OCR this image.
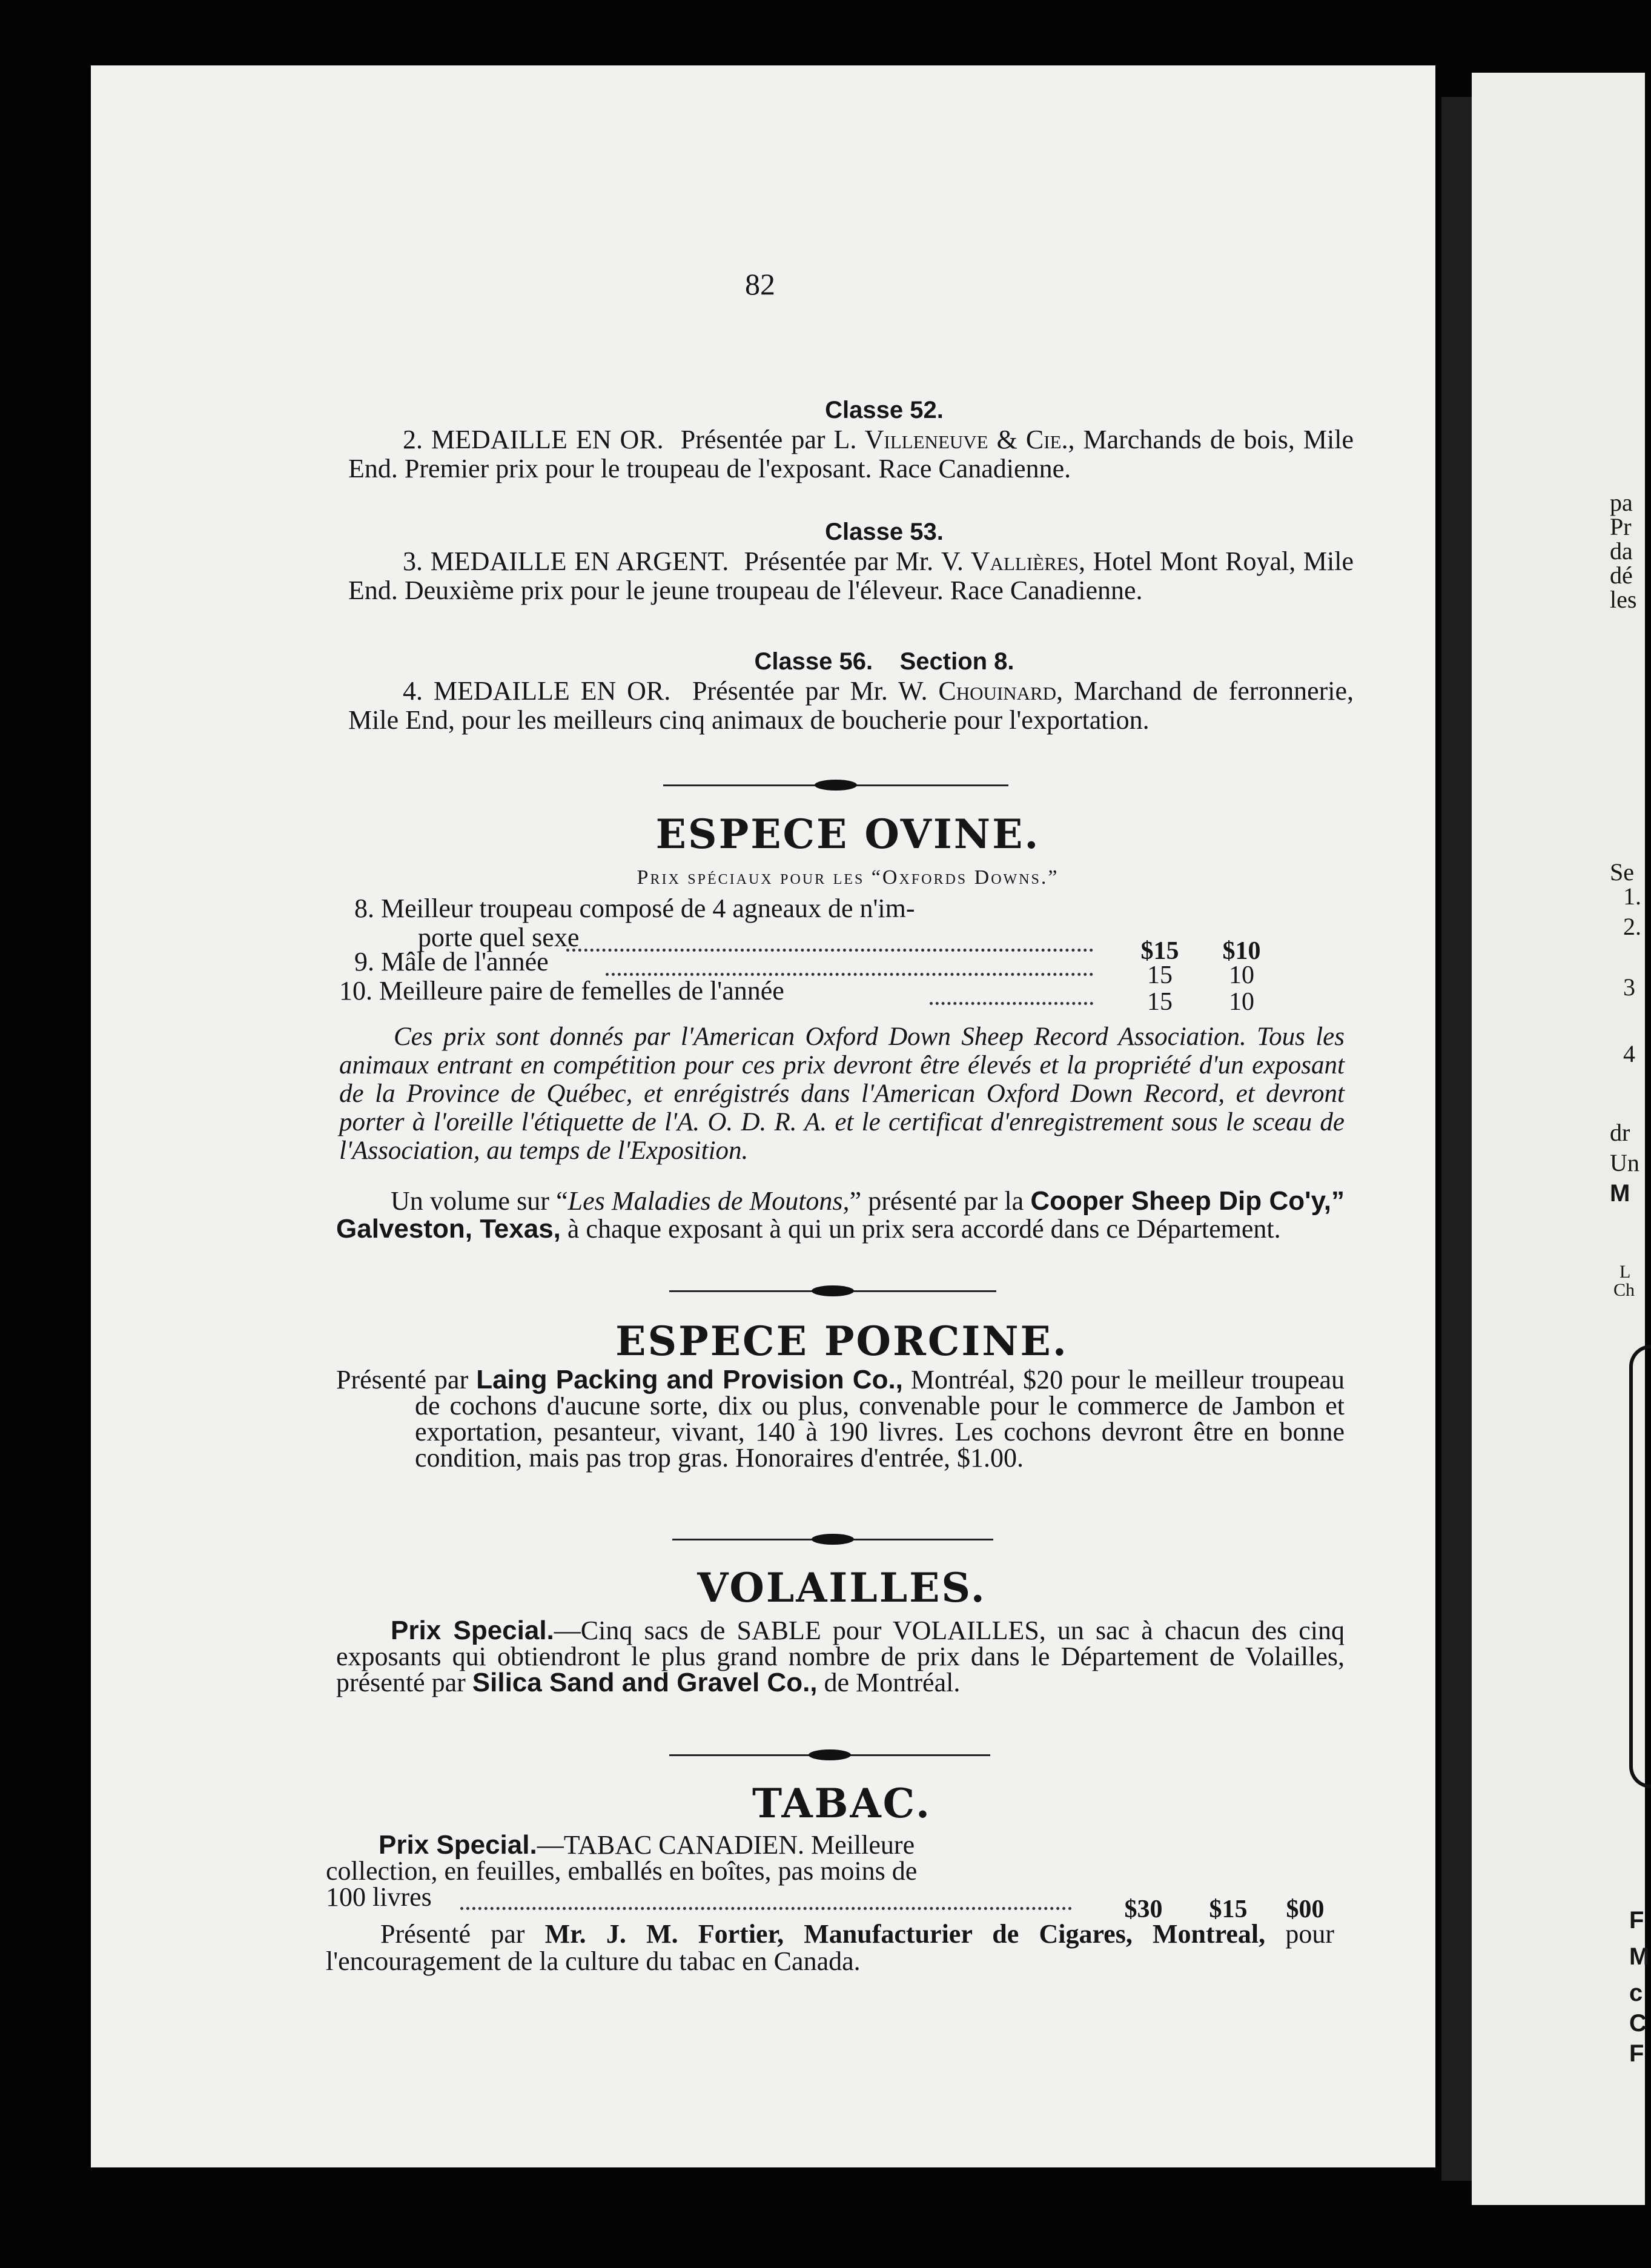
pa
Pr
da
dé
les
Se
1.
2.
3
4
dr
Un
M
L
Ch
F
M
c
C
F
82
Classe 52.

2. MEDAILLE EN OR. Présentée par L. Villeneuve & Cie., Marchands de bois, Mile End. Premier prix pour le troupeau de l'exposant. Race Canadienne.

Classe 53.

3. MEDAILLE EN ARGENT. Présentée par Mr. V. Vallières, Hotel Mont Royal, Mile End. Deuxième prix pour le jeune troupeau de l'éleveur. Race Canadienne.

Classe 56.    Section 8.

4. MEDAILLE EN OR. Présentée par Mr. W. Chouinard, Marchand de ferronnerie, Mile End, pour les meilleurs cinq animaux de boucherie pour l'exportation.

ESPECE OVINE.
Prix spéciaux pour les “Oxfords Downs.”
8. Meilleur troupeau composé de 4 agneaux de n'im-
porte quel sexe	$15	$10
9. Mâle de l'année	15	10
10. Meilleure paire de femelles de l'année	15	10

Ces prix sont donnés par l'American Oxford Down Sheep Record Association. Tous les animaux entrant en compétition pour ces prix devront être élevés et la propriété d'un exposant de la Province de Québec, et enrégistrés dans l'American Oxford Down Record, et devront porter à l'oreille l'étiquette de l'A. O. D. R. A. et le certificat d'enregistrement sous le sceau de l'Association, au temps de l'Exposition.

Un volume sur “Les Maladies de Moutons,” présenté par la Cooper Sheep Dip Co'y,” Galveston, Texas, à chaque exposant à qui un prix sera accordé dans ce Département.

ESPECE PORCINE.

Présenté par Laing Packing and Provision Co., Montréal, $20 pour le meilleur troupeau de cochons d'aucune sorte, dix ou plus, convenable pour le commerce de Jambon et exportation, pesanteur, vivant, 140 à 190 livres. Les cochons devront être en bonne condition, mais pas trop gras. Honoraires d'entrée, $1.00.

VOLAILLES.

Prix Special.—Cinq sacs de SABLE pour VOLAILLES, un sac à chacun des cinq exposants qui obtiendront le plus grand nombre de prix dans le Département de Volailles, présenté par Silica Sand and Gravel Co., de Montréal.

TABAC.
Prix Special.—TABAC CANADIEN. Meilleure
collection, en feuilles, emballés en boîtes, pas moins de
100 livres	$30	$15	$00

Présenté par Mr. J. M. Fortier, Manufacturier de Cigares, Montreal, pour l'encouragement de la culture du tabac en Canada.
